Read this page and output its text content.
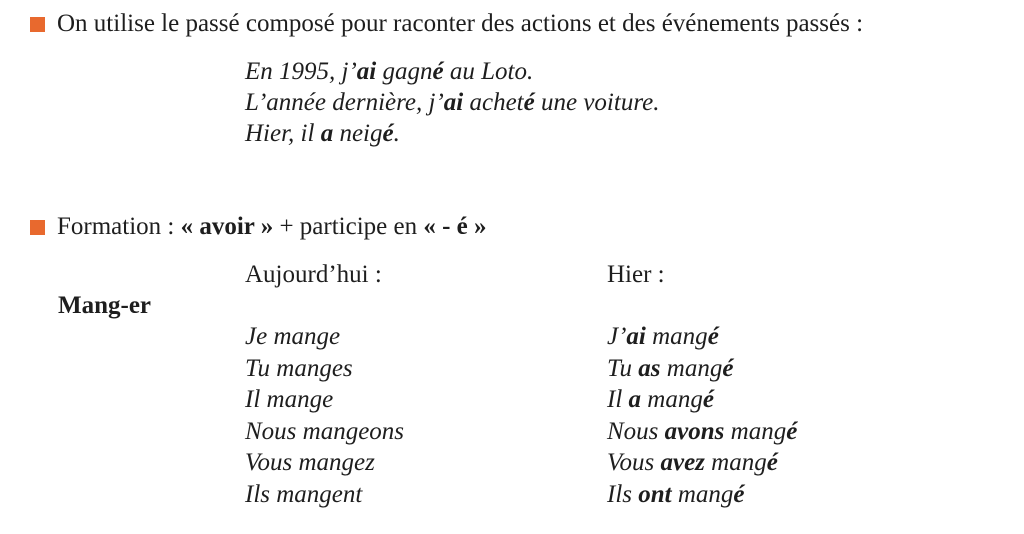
On utilise le passé composé pour raconter des actions et des événements passés :
En 1995, j’ai gagné au Loto.
L’année dernière, j’ai acheté une voiture.
Hier, il a neigé.
Formation : « avoir » + participe en « - é »
Aujourd’hui :	Hier :
Mang-er
Je mange
Tu manges
Il mange
Nous mangeons
Vous mangez
Ils mangent
J’ai mangé
Tu as mangé
Il a mangé
Nous avons mangé
Vous avez mangé
Ils ont mangé
